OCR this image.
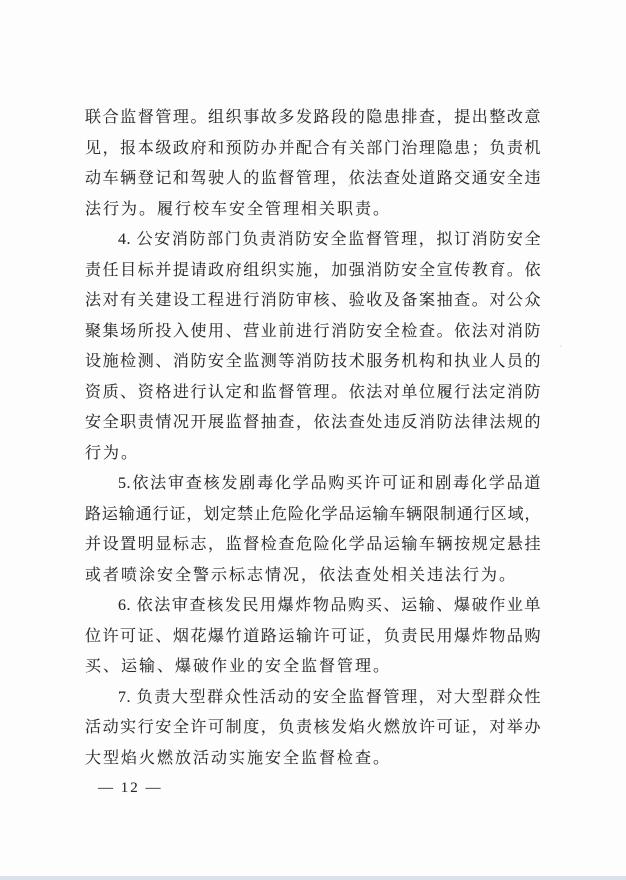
联合监督管理。组织事故多发路段的隐患排查，提出整改意
见，报本级政府和预防办并配合有关部门治理隐患；负责机
动车辆登记和驾驶人的监督管理，依法查处道路交通安全违
法行为。履行校车安全管理相关职责。
4. 公安消防部门负责消防安全监督管理，拟订消防安全
责任目标并提请政府组织实施，加强消防安全宣传教育。依
法对有关建设工程进行消防审核、验收及备案抽查。对公众
聚集场所投入使用、营业前进行消防安全检查。依法对消防
设施检测、消防安全监测等消防技术服务机构和执业人员的
资质、资格进行认定和监督管理。依法对单位履行法定消防
安全职责情况开展监督抽查，依法查处违反消防法律法规的
行为。
5.依法审查核发剧毒化学品购买许可证和剧毒化学品道
路运输通行证，划定禁止危险化学品运输车辆限制通行区域，
并设置明显标志，监督检查危险化学品运输车辆按规定悬挂
或者喷涂安全警示标志情况，依法查处相关违法行为。
6. 依法审查核发民用爆炸物品购买、运输、爆破作业单
位许可证、烟花爆竹道路运输许可证，负责民用爆炸物品购
买、运输、爆破作业的安全监督管理。
7. 负责大型群众性活动的安全监督管理，对大型群众性
活动实行安全许可制度，负责核发焰火燃放许可证，对举办
大型焰火燃放活动实施安全监督检查。
— 12 —
